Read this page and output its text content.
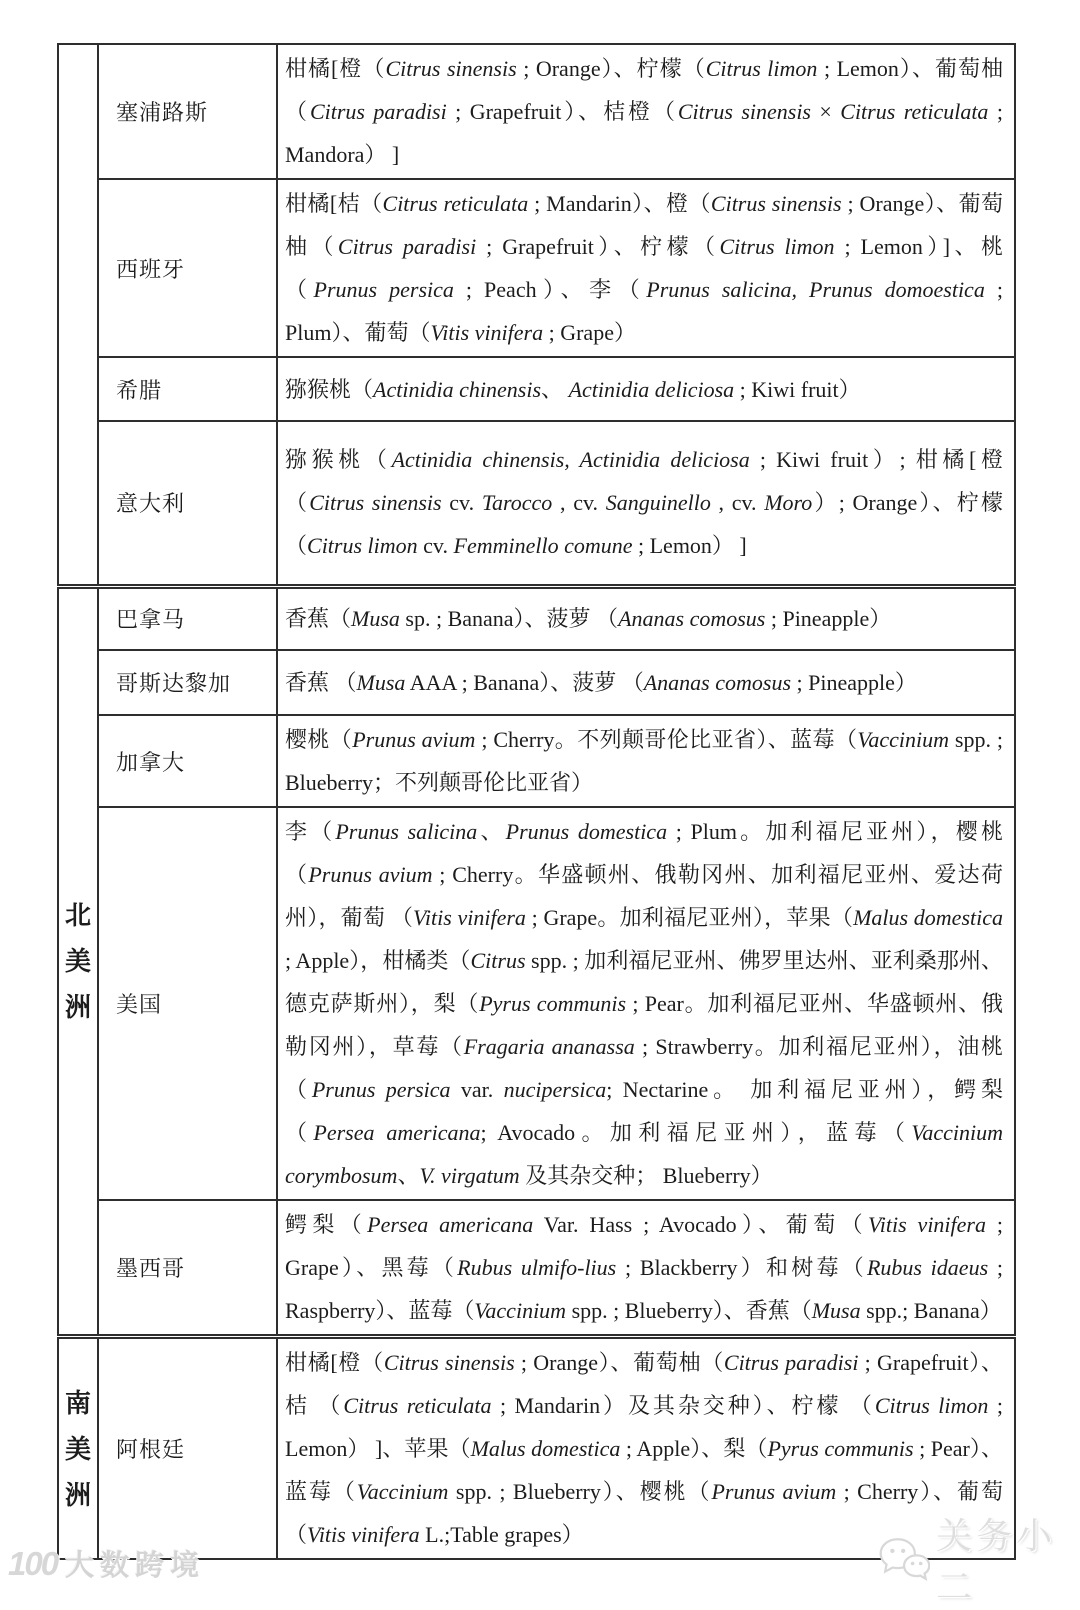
	塞浦路斯	柑橘[橙（Citrus sinensis ; Orange）、柠檬（Citrus limon ; Lemon）、葡萄柚 （Citrus paradisi ; Grapefruit）、桔橙（Citrus sinensis × Citrus reticulata ; Mandora） ]
	西班牙	柑橘[桔（Citrus reticulata ; Mandarin）、橙（Citrus sinensis ; Orange）、葡萄柚（Citrus paradisi ; Grapefruit）、柠檬（Citrus limon ; Lemon）]、桃（Prunus persica ; Peach）、李（Prunus salicina, Prunus domoestica ; Plum）、葡萄（Vitis vinifera ; Grape）
	希腊	猕猴桃（Actinidia chinensis、 Actinidia deliciosa ; Kiwi fruit）
	意大利	猕猴桃（Actinidia chinensis, Actinidia deliciosa ; Kiwi fruit）; 柑橘[橙（Citrus sinensis cv. Tarocco , cv. Sanguinello , cv. Moro）; Orange）、柠檬（Citrus limon cv. Femminello comune ; Lemon） ]

北
美
洲	巴拿马	香蕉（Musa sp. ; Banana）、菠萝 （Ananas comosus ; Pineapple）
	哥斯达黎加	香蕉 （Musa AAA ; Banana）、菠萝 （Ananas comosus ; Pineapple）
	加拿大	樱桃（Prunus avium ; Cherry。不列颠哥伦比亚省）、蓝莓（Vaccinium spp. ; Blueberry；不列颠哥伦比亚省）
	美国	李（Prunus salicina、Prunus domestica ; Plum。加利福尼亚州），樱桃（Prunus avium ; Cherry。华盛顿州、俄勒冈州、加利福尼亚州、爱达荷州），葡萄 （Vitis vinifera ; Grape。加利福尼亚州），苹果（Malus domestica ; Apple），柑橘类（Citrus spp. ; 加利福尼亚州、佛罗里达州、亚利桑那州、德克萨斯州），梨（Pyrus communis ; Pear。加利福尼亚州、华盛顿州、俄勒冈州），草莓（Fragaria ananassa ; Strawberry。加利福尼亚州），油桃（Prunus persica var. nucipersica; Nectarine。 加利福尼亚州），鳄梨 （Persea americana; Avocado。加利福尼亚州），蓝莓（Vaccinium corymbosum、V. virgatum 及其杂交种； Blueberry）
	墨西哥	鳄梨（Persea americana Var. Hass ; Avocado）、葡萄（Vitis vinifera ; Grape）、黑莓（Rubus ulmifo-lius ; Blackberry）和树莓（Rubus idaeus ; Raspberry）、蓝莓（Vaccinium spp. ; Blueberry）、香蕉（Musa spp.; Banana）

南
美
洲
	阿根廷	柑橘[橙（Citrus sinensis ; Orange）、葡萄柚（Citrus paradisi ; Grapefruit）、桔 （Citrus reticulata ; Mandarin）及其杂交种）、柠檬 （Citrus limon ; Lemon） ]、苹果（Malus domestica ; Apple）、梨（Pyrus communis ; Pear）、蓝莓（Vaccinium spp. ; Blueberry）、樱桃（Prunus avium ; Cherry）、葡萄（Vitis vinifera L.;Table grapes）
100 大数跨境
关务小二
